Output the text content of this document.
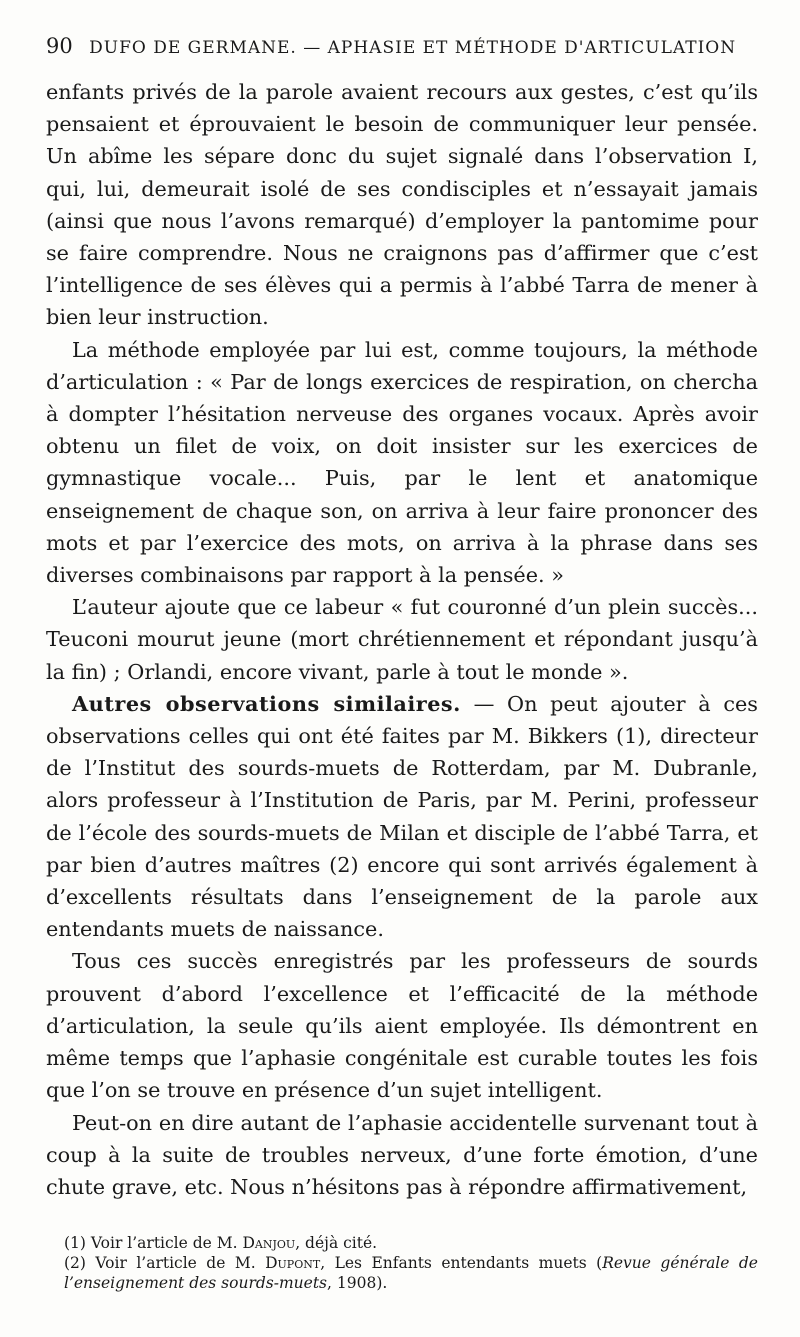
90 DUFO DE GERMANE. — APHASIE ET MÉTHODE D'ARTICULATION

enfants privés de la parole avaient recours aux gestes, c’est qu’ils pensaient et éprouvaient le besoin de communiquer leur pensée. Un abîme les sépare donc du sujet signalé dans l’observation I, qui, lui, demeurait isolé de ses condisciples et n’essayait jamais (ainsi que nous l’avons remarqué) d’employer la pantomime pour se faire comprendre. Nous ne craignons pas d’affirmer que c’est l’intelligence de ses élèves qui a permis à l’abbé Tarra de mener à bien leur instruction.

La méthode employée par lui est, comme toujours, la méthode d’articulation : « Par de longs exercices de respiration, on chercha à dompter l’hésitation nerveuse des organes vocaux. Après avoir obtenu un filet de voix, on doit insister sur les exercices de gymnastique vocale... Puis, par le lent et anatomique enseignement de chaque son, on arriva à leur faire prononcer des mots et par l’exercice des mots, on arriva à la phrase dans ses diverses combinaisons par rapport à la pensée. »

L’auteur ajoute que ce labeur « fut couronné d’un plein succès... Teuconi mourut jeune (mort chrétiennement et répondant jusqu’à la fin) ; Orlandi, encore vivant, parle à tout le monde ».

Autres observations similaires. — On peut ajouter à ces observations celles qui ont été faites par M. Bikkers (1), directeur de l’Institut des sourds-muets de Rotterdam, par M. Dubranle, alors professeur à l’Institution de Paris, par M. Perini, professeur de l’école des sourds-muets de Milan et disciple de l’abbé Tarra, et par bien d’autres maîtres (2) encore qui sont arrivés également à d’excellents résultats dans l’enseignement de la parole aux entendants muets de naissance.

Tous ces succès enregistrés par les professeurs de sourds prouvent d’abord l’excellence et l’efficacité de la méthode d’articulation, la seule qu’ils aient employée. Ils démontrent en même temps que l’aphasie congénitale est curable toutes les fois que l’on se trouve en présence d’un sujet intelligent.

Peut-on en dire autant de l’aphasie accidentelle survenant tout à coup à la suite de troubles nerveux, d’une forte émotion, d’une chute grave, etc. Nous n’hésitons pas à répondre affirmativement,

(1) Voir l’article de M. Danjou, déjà cité.

(2) Voir l’article de M. Dupont, Les Enfants entendants muets (Revue générale de l’enseignement des sourds-muets, 1908).
